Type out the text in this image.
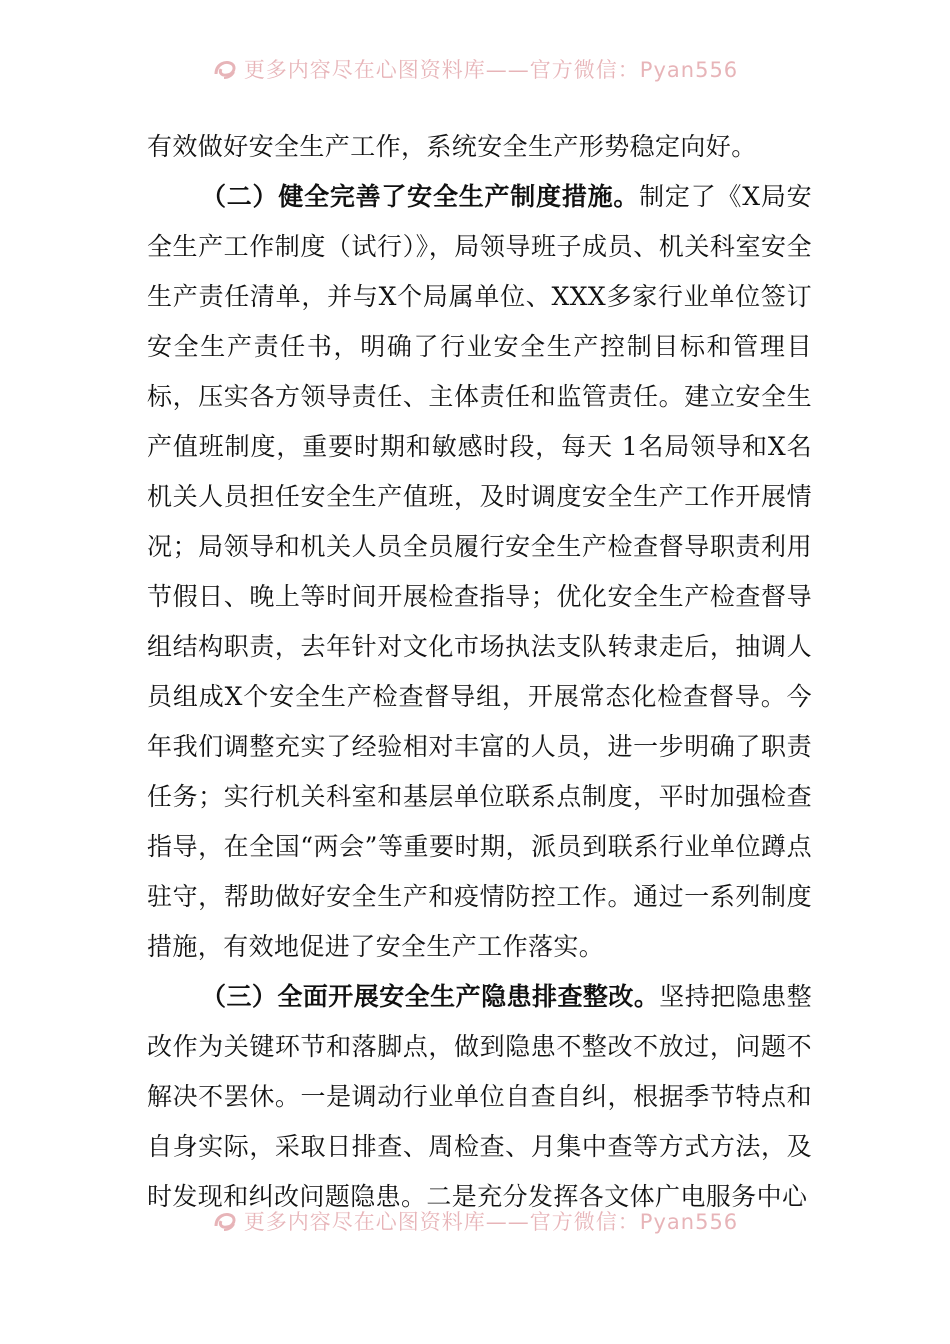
更多内容尽在心图资料库——官方微信：Pyan556

有效做好安全生产工作，系统安全生产形势稳定向好。

（二）健全完善了安全生产制度措施。制定了《X局安全生产工作制度（试行）》，局领导班子成员、机关科室安全生产责任清单，并与X个局属单位、XXX多家行业单位签订安全生产责任书，明确了行业安全生产控制目标和管理目标，压实各方领导责任、主体责任和监管责任。建立安全生产值班制度，重要时期和敏感时段，每天 1名局领导和X名机关人员担任安全生产值班，及时调度安全生产工作开展情况；局领导和机关人员全员履行安全生产检查督导职责利用节假日、晚上等时间开展检查指导；优化安全生产检查督导组结构职责，去年针对文化市场执法支队转隶走后，抽调人员组成X个安全生产检查督导组，开展常态化检查督导。今年我们调整充实了经验相对丰富的人员，进一步明确了职责任务；实行机关科室和基层单位联系点制度，平时加强检查指导，在全国“两会”等重要时期，派员到联系行业单位蹲点驻守，帮助做好安全生产和疫情防控工作。通过一系列制度措施，有效地促进了安全生产工作落实。

（三）全面开展安全生产隐患排查整改。坚持把隐患整改作为关键环节和落脚点，做到隐患不整改不放过，问题不解决不罢休。一是调动行业单位自查自纠，根据季节特点和自身实际，采取日排查、周检查、月集中查等方式方法，及时发现和纠改问题隐患。二是充分发挥各文体广电服务中心

更多内容尽在心图资料库——官方微信：Pyan556
